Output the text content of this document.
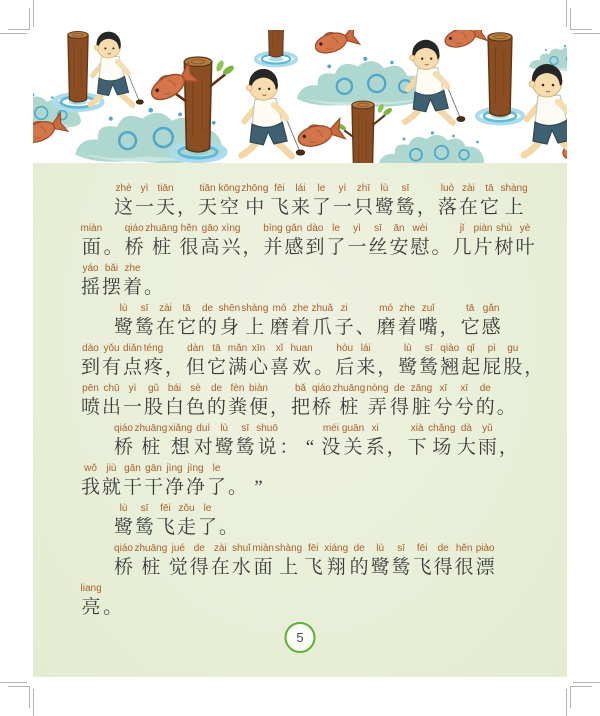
zhè
这
yì
一
tiān
天
，
tiān
天
kōng
空
zhōng
中
fēi
飞
lái
来
le
了
yì
一
zhī
只
lù
鹭
sī
鸶
，
luò
落
zài
在
tā
它
shàng
上
miàn
面
。
qiáo
桥
zhuāng
桩
hěn
很
gāo
高
xìng
兴
，
bìng
并
gǎn
感
dào
到
le
了
yì
一
sī
丝
ān
安
wèi
慰
。
jǐ
几
piàn
片
shù
树
yè
叶
yáo
摇
bǎi
摆
zhe
着
。
lù
鹭
sī
鸶
zài
在
tā
它
de
的
shēn
身
shàng
上
mó
磨
zhe
着
zhuǎ
爪
zi
子
、
mó
磨
zhe
着
zuǐ
嘴
，
tā
它
gǎn
感
dào
到
yǒu
有
diǎn
点
téng
疼
，
dàn
但
tā
它
mǎn
满
xīn
心
xǐ
喜
huan
欢
。
hòu
后
lái
来
，
lù
鹭
sī
鸶
qiào
翘
qǐ
起
pì
屁
gu
股
，
pēn
喷
chū
出
yì
一
gǔ
股
bái
白
sè
色
de
的
fèn
粪
biàn
便
，
bǎ
把
qiáo
桥
zhuāng
桩
nòng
弄
de
得
zāng
脏
xī
兮
xī
兮
de
的
。
qiáo
桥
zhuāng
桩
xiǎng
想
duì
对
lù
鹭
sī
鸶
shuō
说
：
“
méi
没
guān
关
xi
系
，
xià
下
chǎng
场
dà
大
yǔ
雨
，
wǒ
我
jiù
就
gān
干
gān
干
jìng
净
jìng
净
le
了
。
”
lù
鹭
sī
鸶
fēi
飞
zǒu
走
le
了
。
qiáo
桥
zhuāng
桩
jué
觉
de
得
zài
在
shuǐ
水
miàn
面
shàng
上
fēi
飞
xiáng
翔
de
的
lù
鹭
sī
鸶
fēi
飞
de
得
hěn
很
piào
漂
liang
亮
。
5
